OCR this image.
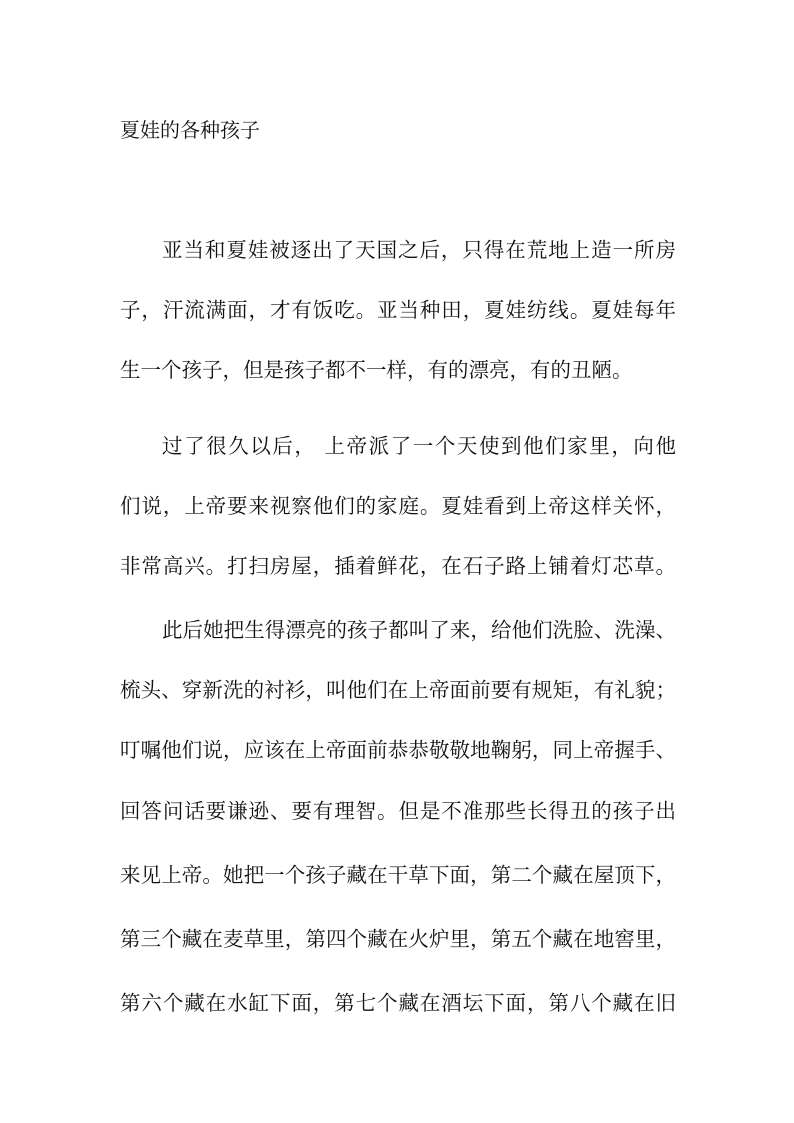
夏娃的各种孩子
亚当和夏娃被逐出了天国之后，只得在荒地上造一所房
子，汗流满面，才有饭吃。亚当种田，夏娃纺线。夏娃每年
生一个孩子，但是孩子都不一样，有的漂亮，有的丑陋。
过了很久以后， 上帝派了一个天使到他们家里，向他
们说，上帝要来视察他们的家庭。夏娃看到上帝这样关怀，
非常高兴。打扫房屋，插着鲜花，在石子路上铺着灯芯草。
此后她把生得漂亮的孩子都叫了来，给他们洗脸、洗澡、
梳头、穿新洗的衬衫，叫他们在上帝面前要有规矩，有礼貌；
叮嘱他们说，应该在上帝面前恭恭敬敬地鞠躬，同上帝握手、
回答问话要谦逊、要有理智。但是不准那些长得丑的孩子出
来见上帝。她把一个孩子藏在干草下面，第二个藏在屋顶下，
第三个藏在麦草里，第四个藏在火炉里，第五个藏在地窖里，
第六个藏在水缸下面，第七个藏在酒坛下面，第八个藏在旧
